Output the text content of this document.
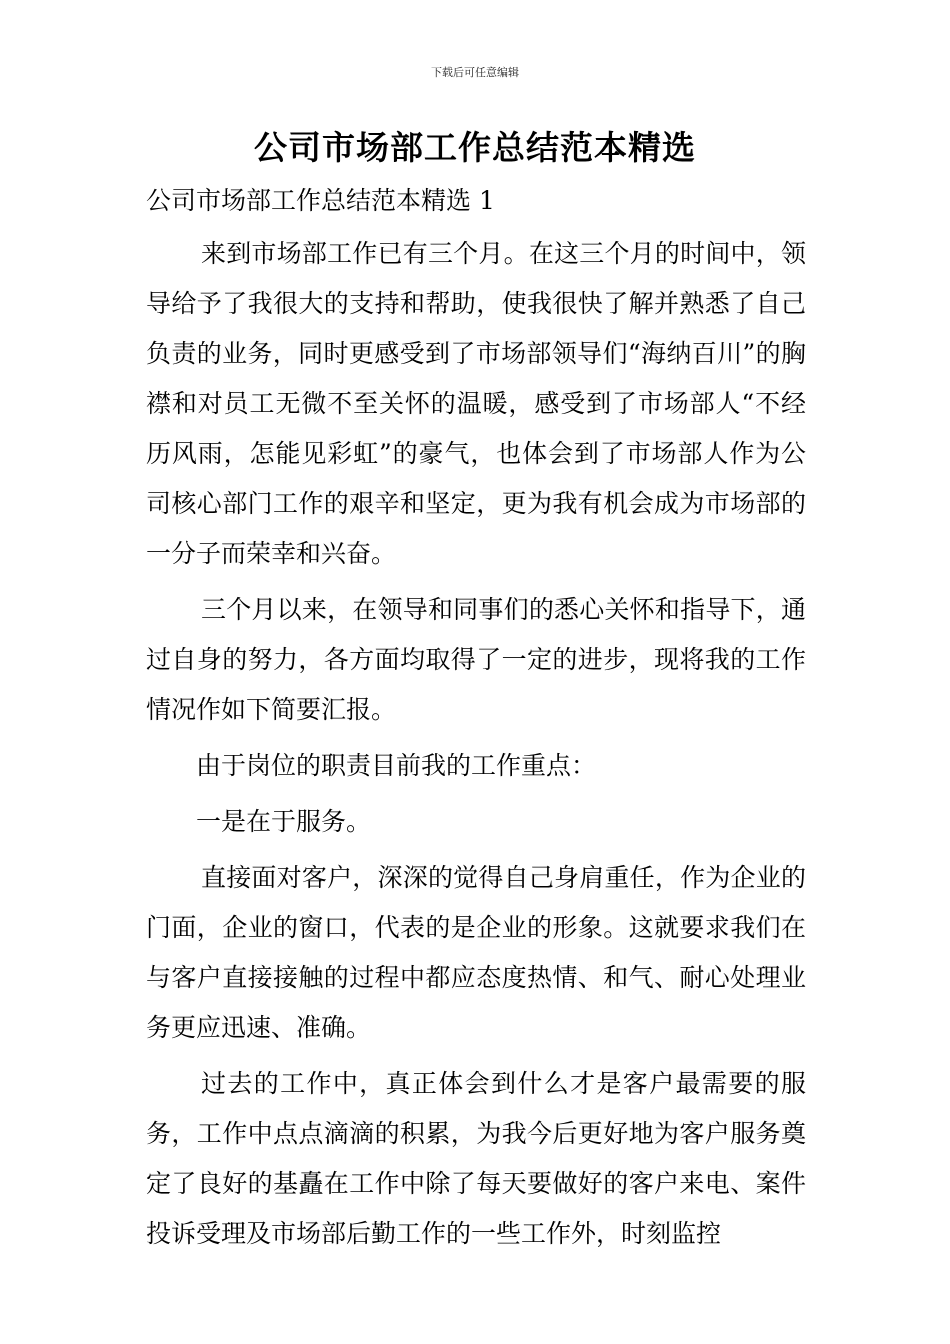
下载后可任意编辑
公司市场部工作总结范本精选

公司市场部工作总结范本精选 1

来到市场部工作已有三个月。在这三个月的时间中，领导给予了我很大的支持和帮助，使我很快了解并熟悉了自己负责的业务，同时更感受到了市场部领导们“海纳百川”的胸襟和对员工无微不至关怀的温暖，感受到了市场部人“不经历风雨，怎能见彩虹”的豪气，也体会到了市场部人作为公司核心部门工作的艰辛和坚定，更为我有机会成为市场部的一分子而荣幸和兴奋。

三个月以来，在领导和同事们的悉心关怀和指导下，通过自身的努力，各方面均取得了一定的进步，现将我的工作情况作如下简要汇报。

由于岗位的职责目前我的工作重点：

一是在于服务。

直接面对客户，深深的觉得自己身肩重任，作为企业的门面，企业的窗口，代表的是企业的形象。这就要求我们在与客户直接接触的过程中都应态度热情、和气、耐心处理业务更应迅速、准确。

过去的工作中，真正体会到什么才是客户最需要的服务，工作中点点滴滴的积累，为我今后更好地为客户服务奠定了良好的基矗在工作中除了每天要做好的客户来电、案件投诉受理及市场部后勤工作的一些工作外，时刻监控
